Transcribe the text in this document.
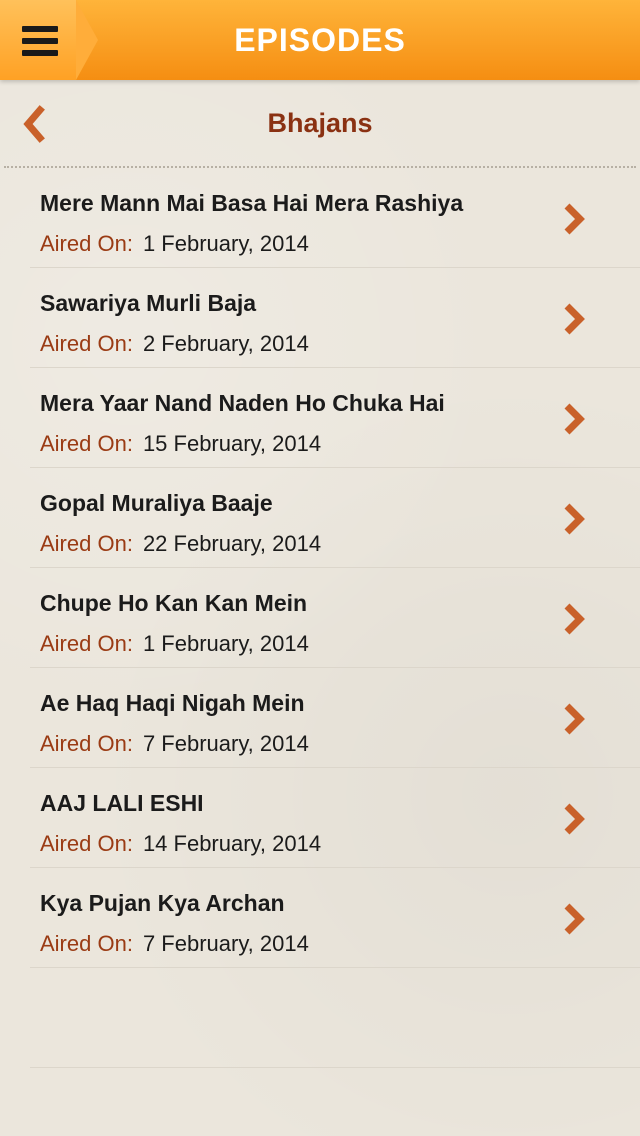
EPISODES
Bhajans
Mere Mann Mai Basa Hai Mera Rashiya
Aired On: 1 February, 2014
Sawariya Murli Baja
Aired On: 2 February, 2014
Mera Yaar Nand Naden Ho Chuka Hai
Aired On: 15 February, 2014
Gopal Muraliya Baaje
Aired On: 22 February, 2014
Chupe Ho Kan Kan Mein
Aired On: 1 February, 2014
Ae Haq Haqi Nigah Mein
Aired On: 7 February, 2014
AAJ LALI ESHI
Aired On: 14 February, 2014
Kya Pujan Kya Archan
Aired On: 7 February, 2014
